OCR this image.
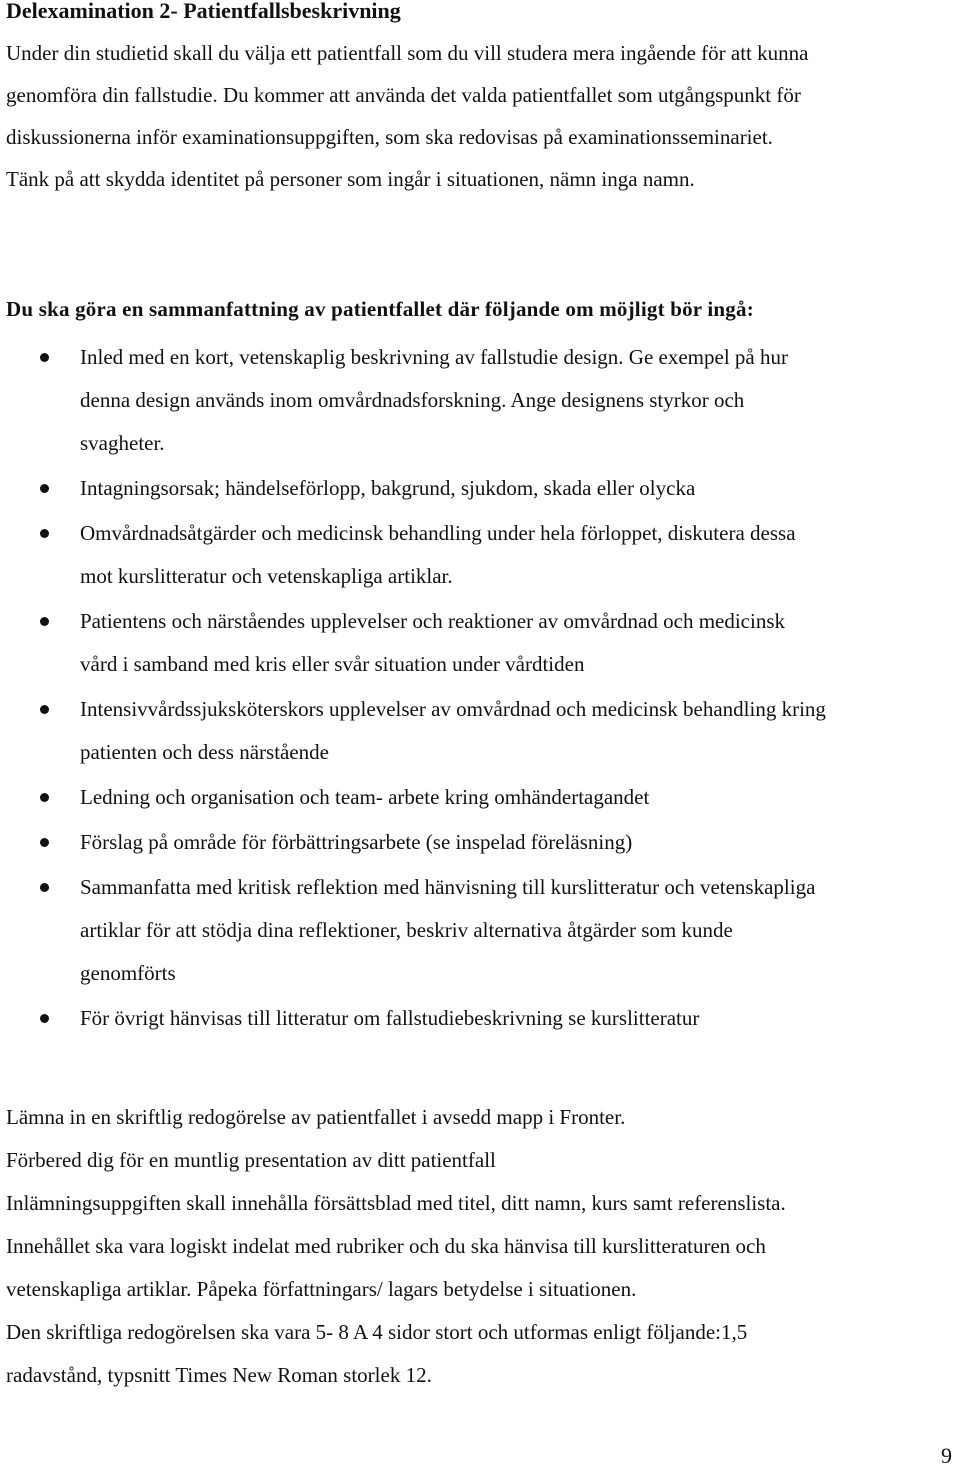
Delexamination 2- Patientfallsbeskrivning

Under din studietid skall du välja ett patientfall som du vill studera mera ingående för att kunna
genomföra din fallstudie. Du kommer att använda det valda patientfallet som utgångspunkt för
diskussionerna inför examinationsuppgiften, som ska redovisas på examinationsseminariet.
Tänk på att skydda identitet på personer som ingår i situationen, nämn inga namn.

Du ska göra en sammanfattning av patientfallet där följande om möjligt bör ingå:
Inled med en kort, vetenskaplig beskrivning av fallstudie design. Ge exempel på hur
denna design används inom omvårdnadsforskning. Ange designens styrkor och
svagheter.
Intagningsorsak; händelseförlopp, bakgrund, sjukdom, skada eller olycka
Omvårdnadsåtgärder och medicinsk behandling under hela förloppet, diskutera dessa
mot kurslitteratur och vetenskapliga artiklar.
Patientens och närståendes upplevelser och reaktioner av omvårdnad och medicinsk
vård i samband med kris eller svår situation under vårdtiden
Intensivvårdssjuksköterskors upplevelser av omvårdnad och medicinsk behandling kring
patienten och dess närstående
Ledning och organisation och team- arbete kring omhändertagandet
Förslag på område för förbättringsarbete (se inspelad föreläsning)
Sammanfatta med kritisk reflektion med hänvisning till kurslitteratur och vetenskapliga
artiklar för att stödja dina reflektioner, beskriv alternativa åtgärder som kunde
genomförts
För övrigt hänvisas till litteratur om fallstudiebeskrivning se kurslitteratur

Lämna in en skriftlig redogörelse av patientfallet i avsedd mapp i Fronter.
Förbered dig för en muntlig presentation av ditt patientfall
Inlämningsuppgiften skall innehålla försättsblad med titel, ditt namn, kurs samt referenslista.
Innehållet ska vara logiskt indelat med rubriker och du ska hänvisa till kurslitteraturen och
vetenskapliga artiklar. Påpeka författningars/ lagars betydelse i situationen.
Den skriftliga redogörelsen ska vara 5- 8 A 4 sidor stort och utformas enligt följande:1,5
radavstånd, typsnitt Times New Roman storlek 12.

9
